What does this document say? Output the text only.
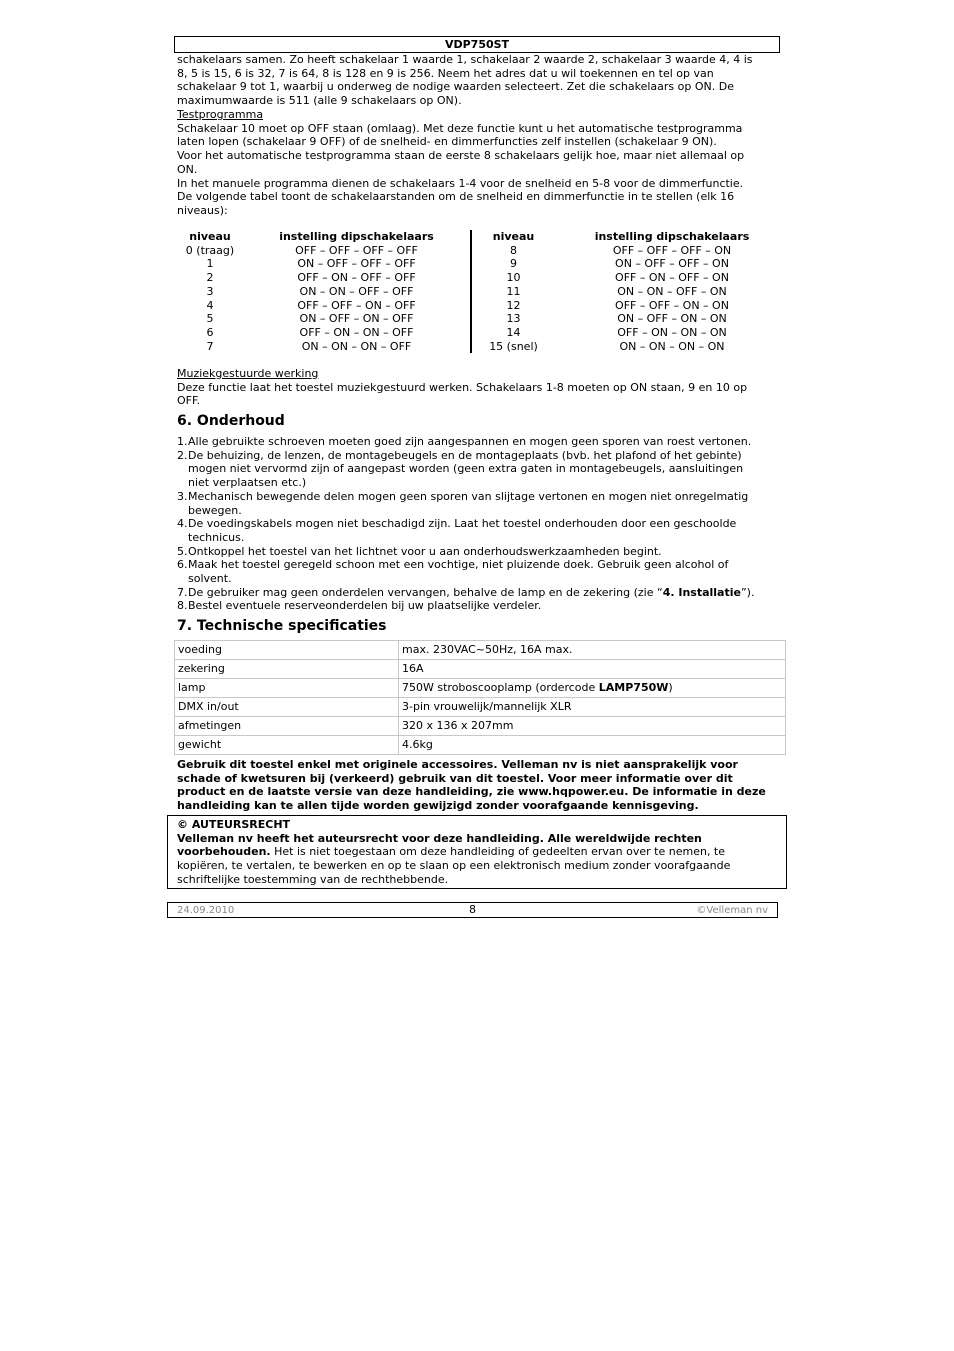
VDP750ST
schakelaars samen. Zo heeft schakelaar 1 waarde 1, schakelaar 2 waarde 2, schakelaar 3 waarde 4, 4 is
8, 5 is 15, 6 is 32, 7 is 64, 8 is 128 en 9 is 256. Neem het adres dat u wil toekennen en tel op van
schakelaar 9 tot 1, waarbij u onderweg de nodige waarden selecteert. Zet die schakelaars op ON. De
maximumwaarde is 511 (alle 9 schakelaars op ON).
Testprogramma
Schakelaar 10 moet op OFF staan (omlaag). Met deze functie kunt u het automatische testprogramma
laten lopen (schakelaar 9 OFF) of de snelheid- en dimmerfuncties zelf instellen (schakelaar 9 ON).
Voor het automatische testprogramma staan de eerste 8 schakelaars gelijk hoe, maar niet allemaal op
ON.
In het manuele programma dienen de schakelaars 1-4 voor de snelheid en 5-8 voor de dimmerfunctie.
De volgende tabel toont de schakelaarstanden om de snelheid en dimmerfunctie in te stellen (elk 16
niveaus):
niveau	instelling dipschakelaars	niveau	instelling dipschakelaars
0 (traag)	OFF – OFF – OFF – OFF	8	OFF – OFF – OFF – ON
1	ON – OFF – OFF – OFF	9	ON – OFF – OFF – ON
2	OFF – ON – OFF – OFF	10	OFF – ON – OFF – ON
3	ON – ON – OFF – OFF	11	ON – ON – OFF – ON
4	OFF – OFF – ON – OFF	12	OFF – OFF – ON – ON
5	ON – OFF – ON – OFF	13	ON – OFF – ON – ON
6	OFF – ON – ON – OFF	14	OFF – ON – ON – ON
7	ON – ON – ON – OFF	15 (snel)	ON – ON – ON – ON
Muziekgestuurde werking
Deze functie laat het toestel muziekgestuurd werken. Schakelaars 1-8 moeten op ON staan, 9 en 10 op
OFF.
6. Onderhoud
1. Alle gebruikte schroeven moeten goed zijn aangespannen en mogen geen sporen van roest vertonen.
2. De behuizing, de lenzen, de montagebeugels en de montageplaats (bvb. het plafond of het gebinte)
mogen niet vervormd zijn of aangepast worden (geen extra gaten in montagebeugels, aansluitingen
niet verplaatsen etc.)
3. Mechanisch bewegende delen mogen geen sporen van slijtage vertonen en mogen niet onregelmatig
bewegen.
4. De voedingskabels mogen niet beschadigd zijn. Laat het toestel onderhouden door een geschoolde
technicus.
5. Ontkoppel het toestel van het lichtnet voor u aan onderhoudswerkzaamheden begint.
6. Maak het toestel geregeld schoon met een vochtige, niet pluizende doek. Gebruik geen alcohol of
solvent.
7. De gebruiker mag geen onderdelen vervangen, behalve de lamp en de zekering (zie “4. Installatie”).
8. Bestel eventuele reserveonderdelen bij uw plaatselijke verdeler.
7. Technische specificaties
voeding	max. 230VAC~50Hz, 16A max.
zekering	16A
lamp	750W stroboscooplamp (ordercode LAMP750W)
DMX in/out	3-pin vrouwelijk/mannelijk XLR
afmetingen	320 x 136 x 207mm
gewicht	4.6kg
Gebruik dit toestel enkel met originele accessoires. Velleman nv is niet aansprakelijk voor
schade of kwetsuren bij (verkeerd) gebruik van dit toestel. Voor meer informatie over dit
product en de laatste versie van deze handleiding, zie www.hqpower.eu. De informatie in deze
handleiding kan te allen tijde worden gewijzigd zonder voorafgaande kennisgeving.
© AUTEURSRECHT
Velleman nv heeft het auteursrecht voor deze handleiding. Alle wereldwijde rechten
voorbehouden. Het is niet toegestaan om deze handleiding of gedeelten ervan over te nemen, te
kopiëren, te vertalen, te bewerken en op te slaan op een elektronisch medium zonder voorafgaande
schriftelijke toestemming van de rechthebbende.
24.09.2010	8	©Velleman nv
